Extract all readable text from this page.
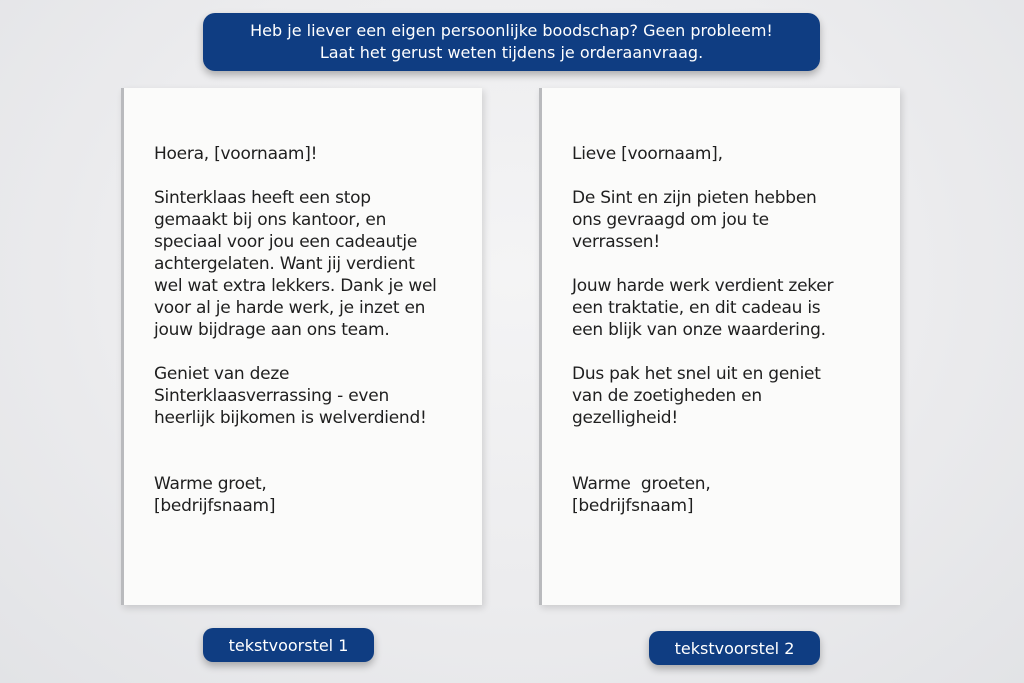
Heb je liever een eigen persoonlijke boodschap? Geen probleem!
Laat het gerust weten tijdens je orderaanvraag.
Hoera, [voornaam]!
Sinterklaas heeft een stop
gemaakt bij ons kantoor, en
speciaal voor jou een cadeautje
achtergelaten. Want jij verdient
wel wat extra lekkers. Dank je wel
voor al je harde werk, je inzet en
jouw bijdrage aan ons team.
Geniet van deze
Sinterklaasverrassing - even
heerlijk bijkomen is welverdiend!
Warme groet,
[bedrijfsnaam]
Lieve [voornaam],
De Sint en zijn pieten hebben
ons gevraagd om jou te
verrassen!
Jouw harde werk verdient zeker
een traktatie, en dit cadeau is
een blijk van onze waardering.
Dus pak het snel uit en geniet
van de zoetigheden en
gezelligheid!
Warme  groeten,
[bedrijfsnaam]
tekstvoorstel 1	tekstvoorstel 2
